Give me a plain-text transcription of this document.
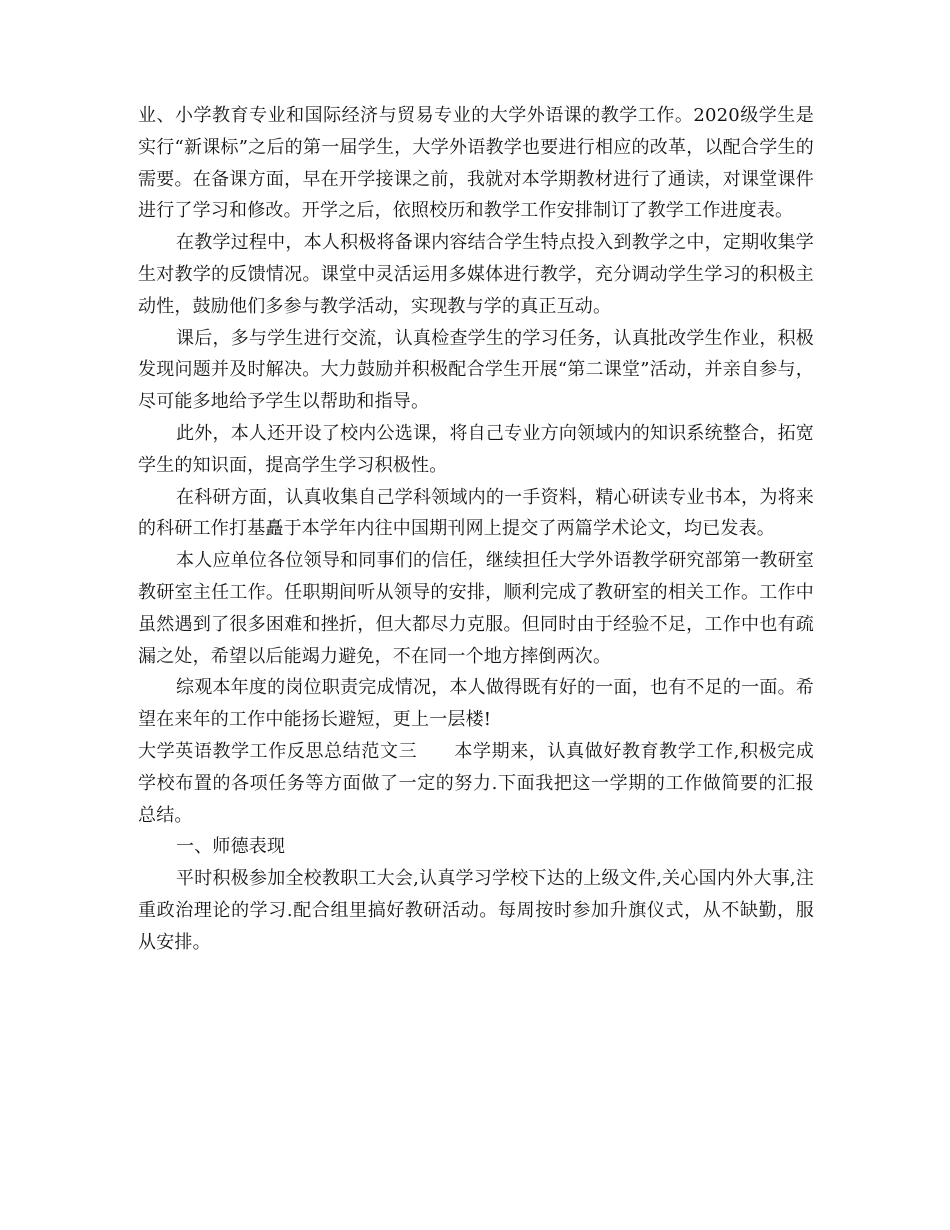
业、小学教育专业和国际经济与贸易专业的大学外语课的教学工作。2020级学生是实行“新课标”之后的第一届学生，大学外语教学也要进行相应的改革，以配合学生的需要。在备课方面，早在开学接课之前，我就对本学期教材进行了通读，对课堂课件进行了学习和修改。开学之后，依照校历和教学工作安排制订了教学工作进度表。

在教学过程中，本人积极将备课内容结合学生特点投入到教学之中，定期收集学生对教学的反馈情况。课堂中灵活运用多媒体进行教学，充分调动学生学习的积极主动性，鼓励他们多参与教学活动，实现教与学的真正互动。

课后，多与学生进行交流，认真检查学生的学习任务，认真批改学生作业，积极发现问题并及时解决。大力鼓励并积极配合学生开展“第二课堂”活动，并亲自参与，尽可能多地给予学生以帮助和指导。

此外，本人还开设了校内公选课，将自己专业方向领域内的知识系统整合，拓宽学生的知识面，提高学生学习积极性。

在科研方面，认真收集自己学科领域内的一手资料，精心研读专业书本，为将来的科研工作打基矗于本学年内往中国期刊网上提交了两篇学术论文，均已发表。

本人应单位各位领导和同事们的信任，继续担任大学外语教学研究部第一教研室教研室主任工作。任职期间听从领导的安排，顺利完成了教研室的相关工作。工作中虽然遇到了很多困难和挫折，但大都尽力克服。但同时由于经验不足，工作中也有疏漏之处，希望以后能竭力避免，不在同一个地方摔倒两次。

综观本年度的岗位职责完成情况，本人做得既有好的一面，也有不足的一面。希望在来年的工作中能扬长避短，更上一层楼!

大学英语教学工作反思总结范文三　　本学期来，认真做好教育教学工作,积极完成学校布置的各项任务等方面做了一定的努力.下面我把这一学期的工作做简要的汇报总结。

一、师德表现

平时积极参加全校教职工大会,认真学习学校下达的上级文件,关心国内外大事,注重政治理论的学习.配合组里搞好教研活动。每周按时参加升旗仪式，从不缺勤，服从安排。
